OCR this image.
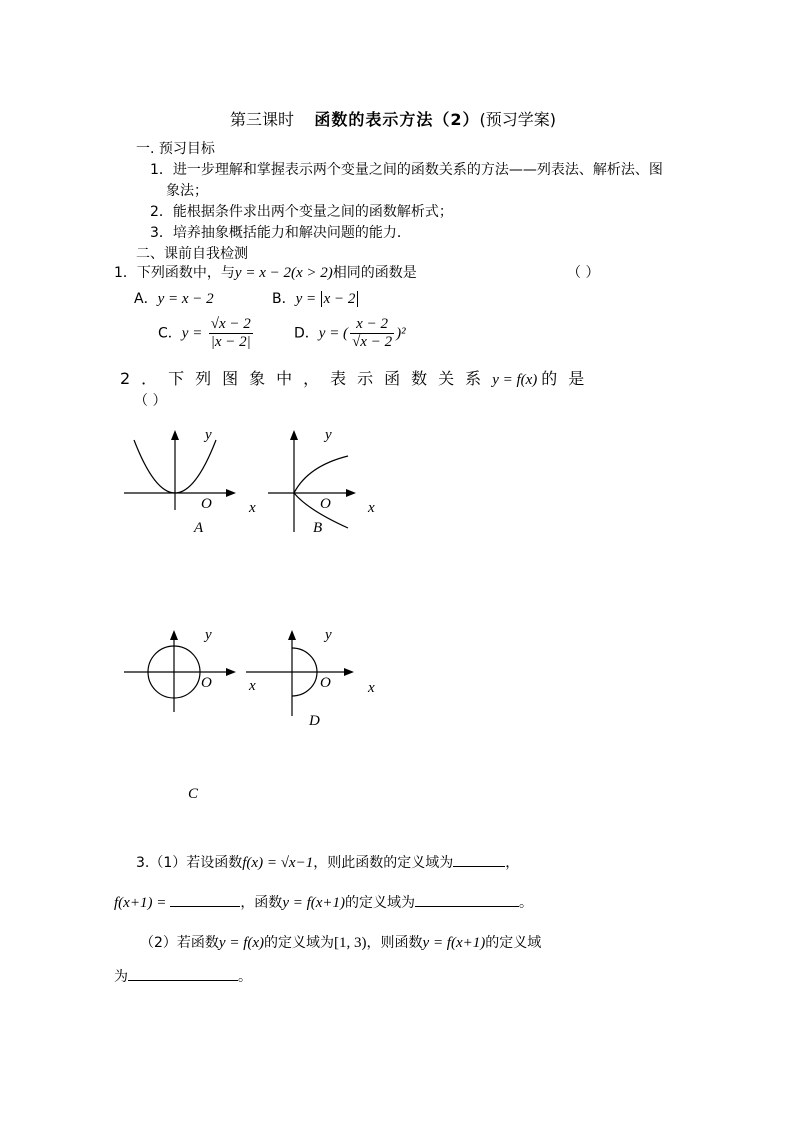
第三课时 函数的表示方法（2）(预习学案)
一. 预习目标
1．进一步理解和掌握表示两个变量之间的函数关系的方法——列表法、解析法、图
象法；
2．能根据条件求出两个变量之间的函数解析式；
3．培养抽象概括能力和解决问题的能力．
二、课前自我检测
1．下列函数中，与y = x − 2(x > 2)相同的函数是	（ ）
A．y = x − 2	B．y = x − 2
C．$y = \frac{√x - 2}{|x - 2|}$	D．y = ( $\frac{x - 2}{√x - 2} )^2$
2．下列图象中，表示函数关系y = f(x) 的是
（ ）
y
O x
A
y
O x
B
y
O
C
y
x	O x
D
3.（1）若设函数f(x) = √x−1，则此函数的定义域为	，
f(x+1) =	，函数y = f(x+1)的定义域为	。
（2）若函数y = f(x)的定义域为[1, 3)，则函数y = f(x+1)的定义域
为	。
